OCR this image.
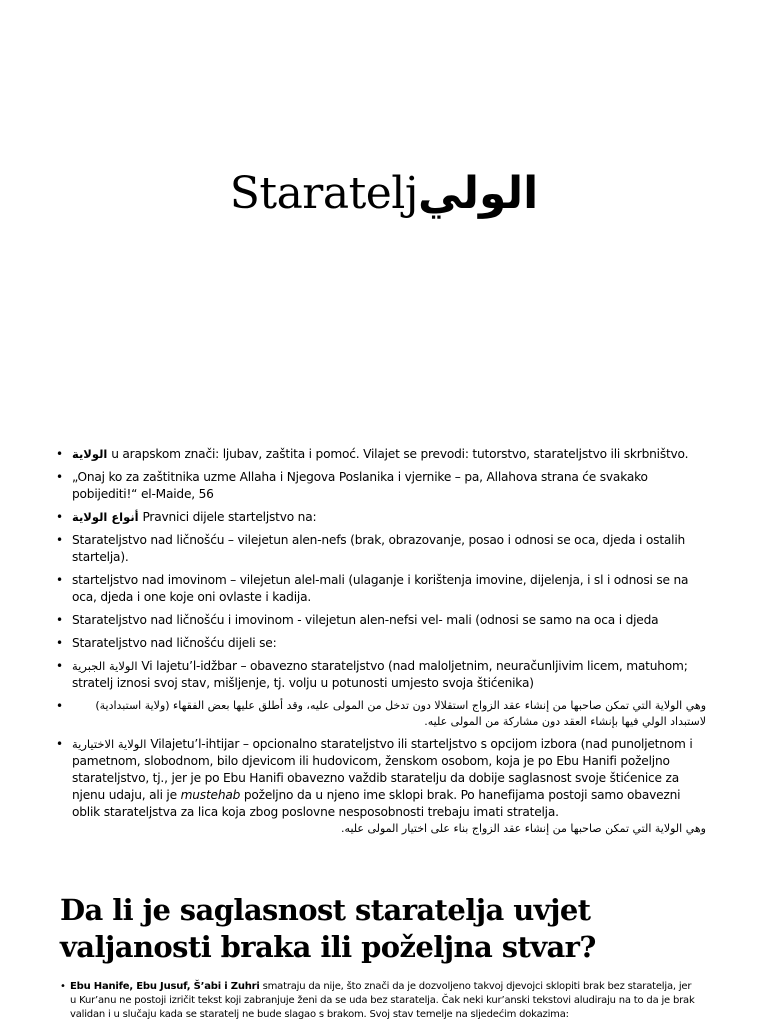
Starateljالولي
• الولاية u arapskom znači: ljubav, zaštita i pomoć. Vilajet se prevodi: tutorstvo, starateljstvo ili skrbništvo.
• „Onaj ko za zaštitnika uzme Allaha i Njegova Poslanika i vjernike – pa, Allahova strana će svakako pobijediti!“ el-Maide, 56
• أنواع الولاية Pravnici dijele starteljstvo na:
• Starateljstvo nad ličnošću – vilejetun alen-nefs (brak, obrazovanje, posao i odnosi se oca, djeda i ostalih startelja).
• starteljstvo nad imovinom – vilejetun alel-mali (ulaganje i korištenja imovine, dijelenja, i sl i odnosi se na oca, djeda i one koje oni ovlaste i kadija.
• Starateljstvo nad ličnošću i imovinom - vilejetun alen-nefsi vel- mali (odnosi se samo na oca i djeda
• Starateljstvo nad ličnošću dijeli se:
• الولاية الجبرية Vi lajetu’l-idžbar – obavezno starateljstvo (nad maloljetnim, neuračunljivim licem, matuhom; stratelj iznosi svoj stav, mišljenje, tj. volju u potunosti umjesto svoja štićenika)
• وهي الولاية التي تمكن صاحبها من إنشاء عقد الزواج استقلالا دون تدخل من المولى عليه، وقد أطلق عليها بعض الفقهاء (ولاية استبدادية) لاستبداد الولي فيها بإنشاء العقد دون مشاركة من المولى عليه.
• الولاية الاختيارية Vilajetu’l-ihtijar – opcionalno starateljstvo ili starteljstvo s opcijom izbora (nad punoljetnom i pametnom, slobodnom, bilo djevicom ili hudovicom, ženskom osobom, koja je po Ebu Hanifi poželjno starateljstvo, tj., jer je po Ebu Hanifi obavezno važdib staratelju da dobije saglasnost svoje štićenice za njenu udaju, ali je mustehab poželjno da u njeno ime sklopi brak. Po hanefijama postoji samo obavezni oblik starateljstva za lica koja zbog poslovne nesposobnosti trebaju imati stratelja.
وهي الولاية التي تمكن صاحبها من إنشاء عقد الزواج بناء على اختيار المولى عليه.
Da li je saglasnost staratelja uvjet valjanosti braka ili poželjna stvar?
• Ebu Hanife, Ebu Jusuf, Š’abi i Zuhri smatraju da nije, što znači da je dozvoljeno takvoj djevojci sklopiti brak bez staratelja, jer u Kur’anu ne postoji izričit tekst koji zabranjuje ženi da se uda bez staratelja. Čak neki kur’anski tekstovi aludiraju na to da je brak validan i u slučaju kada se staratelj ne bude slagao s brakom. Svoj stav temelje na sljedećim dokazima:
